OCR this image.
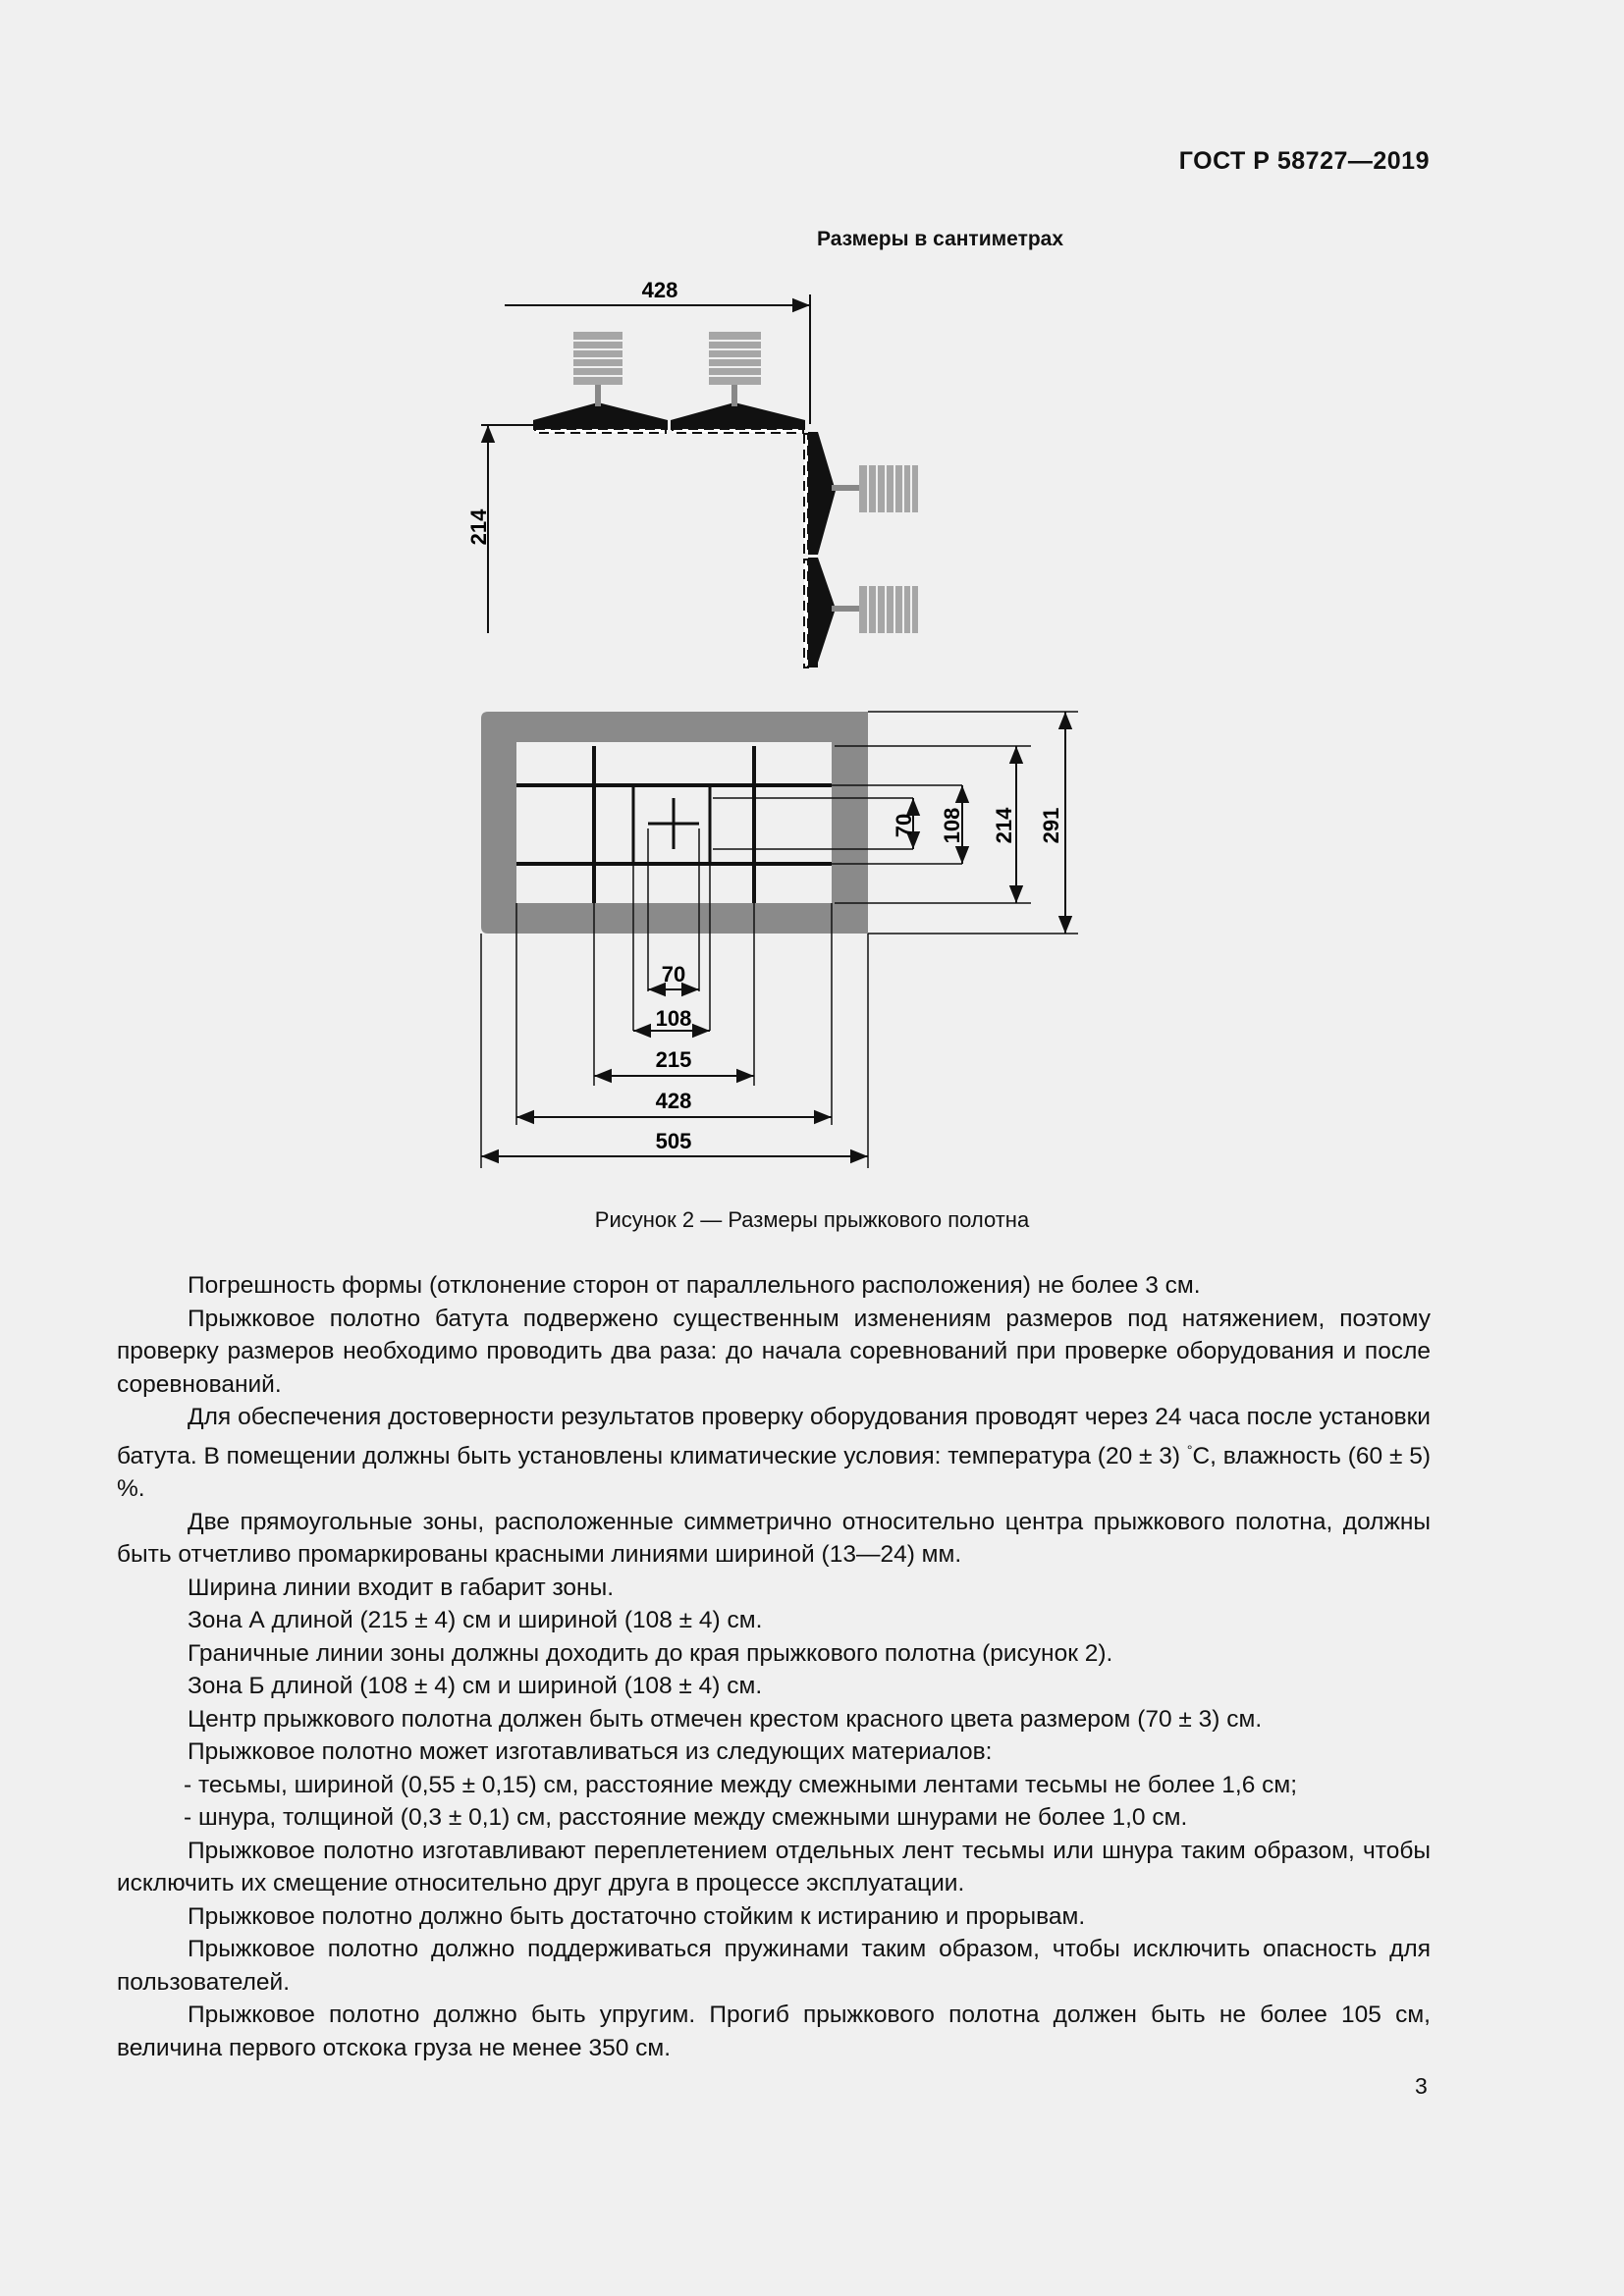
ГОСТ Р 58727—2019
Размеры в сантиметрах
428
214
70 108 214 291
70
108
215
428
505
Рисунок 2 — Размеры прыжкового полотна

Погрешность формы (отклонение сторон от параллельного расположения) не более 3 см.

Прыжковое полотно батута подвержено существенным изменениям размеров под натяжением, поэтому проверку размеров необходимо проводить два раза: до начала соревнований при проверке оборудования и после соревнований.

Для обеспечения достоверности результатов проверку оборудования проводят через 24 часа после установки батута. В помещении должны быть установлены климатические условия: температура (20 ± 3) °С, влажность (60 ± 5) %.

Две прямоугольные зоны, расположенные симметрично относительно центра прыжкового полотна, должны быть отчетливо промаркированы красными линиями шириной (13—24) мм.

Ширина линии входит в габарит зоны.

Зона А длиной (215 ± 4) см и шириной (108 ± 4) см.

Граничные линии зоны должны доходить до края прыжкового полотна (рисунок 2).

Зона Б длиной (108 ± 4) см и шириной (108 ± 4) см.

Центр прыжкового полотна должен быть отмечен крестом красного цвета размером (70 ± 3) см.

Прыжковое полотно может изготавливаться из следующих материалов:

- тесьмы, шириной (0,55 ± 0,15) см, расстояние между смежными лентами тесьмы не более 1,6 см;

- шнура, толщиной (0,3 ± 0,1) см, расстояние между смежными шнурами не более 1,0 см.

Прыжковое полотно изготавливают переплетением отдельных лент тесьмы или шнура таким образом, чтобы исключить их смещение относительно друг друга в процессе эксплуатации.

Прыжковое полотно должно быть достаточно стойким к истиранию и прорывам.

Прыжковое полотно должно поддерживаться пружинами таким образом, чтобы исключить опасность для пользователей.

Прыжковое полотно должно быть упругим. Прогиб прыжкового полотна должен быть не более 105 см, величина первого отскока груза не менее 350 см.

3
